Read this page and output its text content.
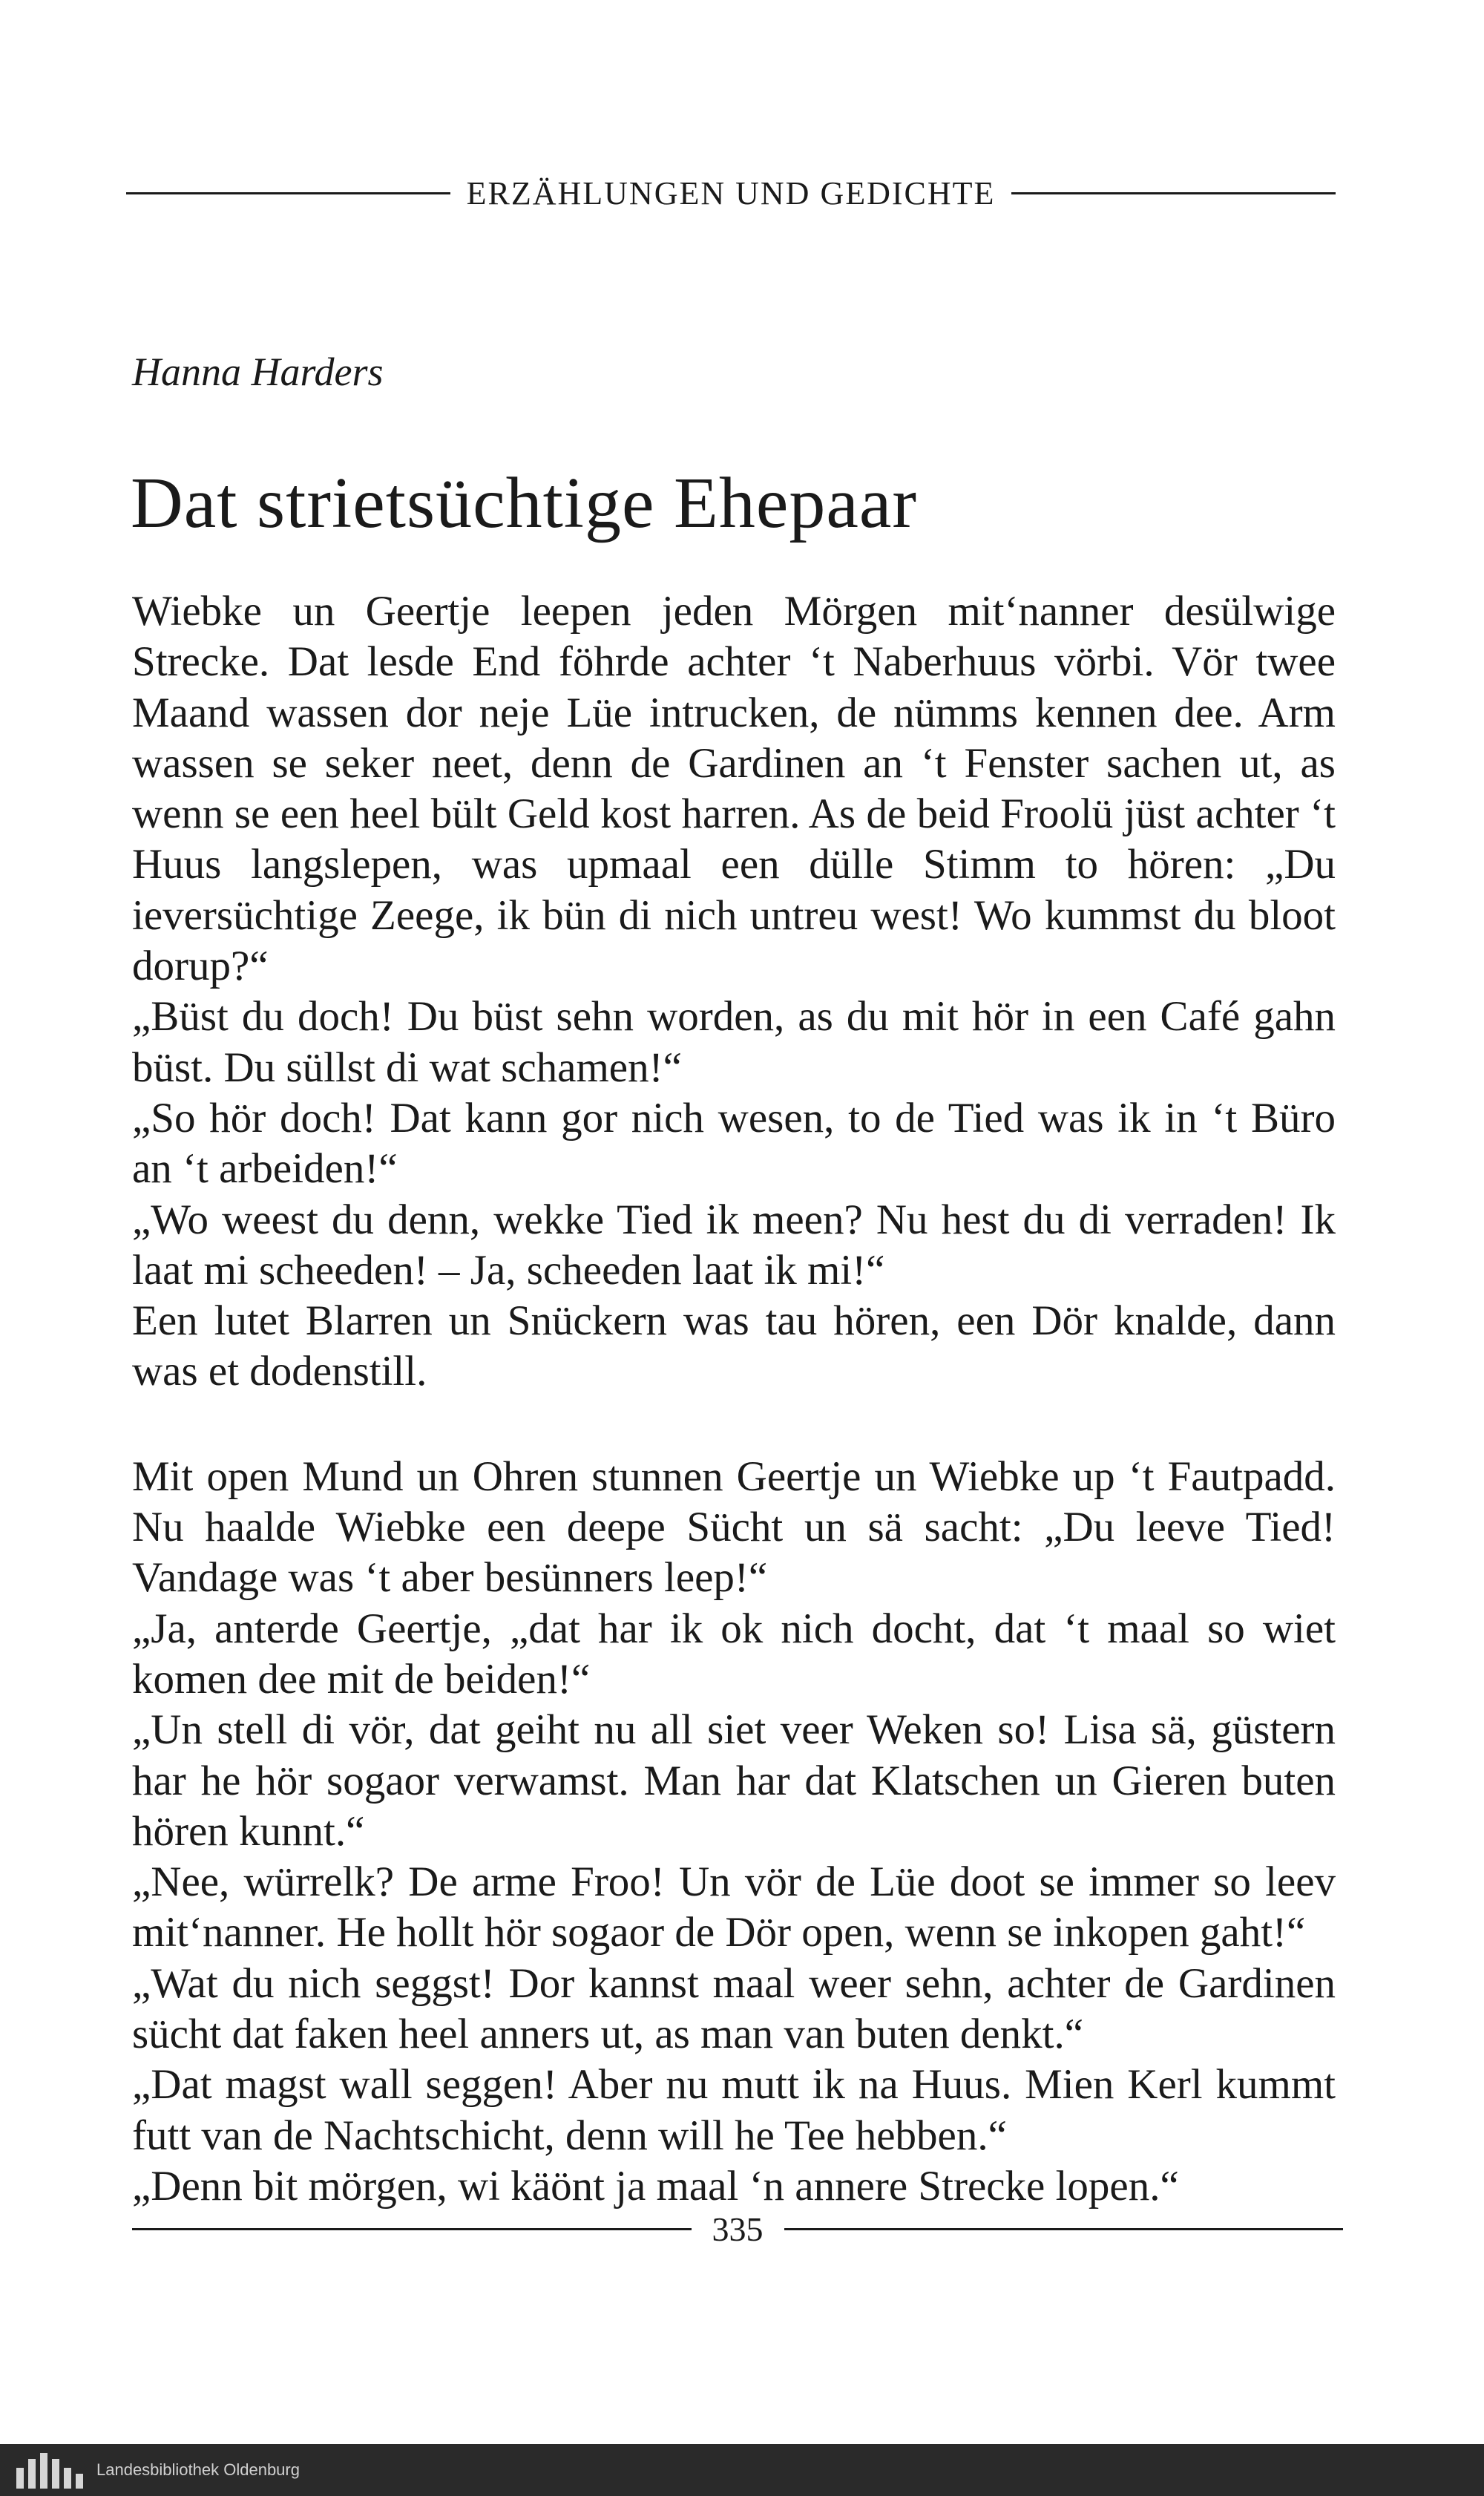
ERZÄHLUNGEN UND GEDICHTE
Hanna Harders
Dat strietsüchtige Ehepaar

Wiebke un Geertje leepen jeden Mörgen mit‘nanner desülwige Strecke. Dat lesde End föhrde achter ‘t Naberhuus vörbi. Vör twee Maand wassen dor neje Lüe intrucken, de nümms kennen dee. Arm wassen se seker neet, denn de Gardinen an ‘t Fenster sachen ut, as wenn se een heel bült Geld kost harren. As de beid Froolü jüst achter ‘t Huus langslepen, was upmaal een dülle Stimm to hören: „Du ieversüchtige Zeege, ik bün di nich untreu west! Wo kummst du bloot dorup?“

„Büst du doch! Du büst sehn worden, as du mit hör in een Café gahn büst. Du süllst di wat schamen!“

„So hör doch! Dat kann gor nich wesen, to de Tied was ik in ‘t Büro an ‘t arbeiden!“

„Wo weest du denn, wekke Tied ik meen? Nu hest du di verraden! Ik laat mi scheeden! – Ja, scheeden laat ik mi!“

Een lutet Blarren un Snückern was tau hören, een Dör knalde, dann was et dodenstill.

Mit open Mund un Ohren stunnen Geertje un Wiebke up ‘t Fautpadd. Nu haalde Wiebke een deepe Sücht un sä sacht: „Du leeve Tied! Vandage was ‘t aber besünners leep!“

„Ja, anterde Geertje, „dat har ik ok nich docht, dat ‘t maal so wiet komen dee mit de beiden!“

„Un stell di vör, dat geiht nu all siet veer Weken so! Lisa sä, güstern har he hör sogaor verwamst. Man har dat Klatschen un Gieren buten hören kunnt.“

„Nee, würrelk? De arme Froo! Un vör de Lüe doot se immer so leev mit‘nanner. He hollt hör sogaor de Dör open, wenn se inkopen gaht!“

„Wat du nich seggst! Dor kannst maal weer sehn, achter de Gardinen sücht dat faken heel anners ut, as man van buten denkt.“

„Dat magst wall seggen! Aber nu mutt ik na Huus. Mien Kerl kummt futt van de Nachtschicht, denn will he Tee hebben.“

„Denn bit mörgen, wi käönt ja maal ‘n annere Strecke lopen.“

335
Landesbibliothek Oldenburg
